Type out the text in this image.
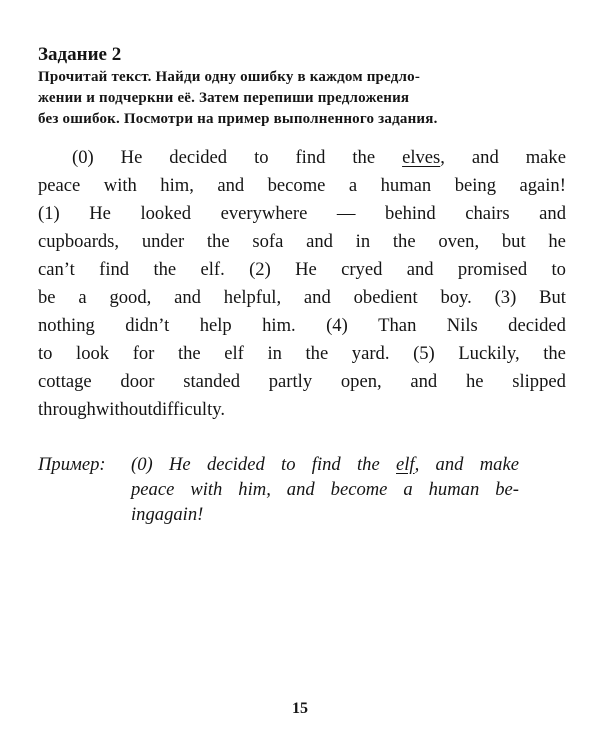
Задание 2

Прочитай текст. Найди одну ошибку в каждом предло-
жении и подчеркни её. Затем перепиши предложения
без ошибок. Посмотри на пример выполненного задания.

(0) He decided to find the elves, and make
peace with him, and become a human being again!
(1) He looked everywhere — behind chairs and
cupboards, under the sofa and in the oven, but he
can’t find the elf. (2) He cryed and promised to
be a good, and helpful, and obedient boy. (3) But
nothing didn’t help him. (4) Than Nils decided
to look for the elf in the yard. (5) Luckily, the
cottage door standed partly open, and he slipped
through without difficulty.

Пример: (0) He decided to find the elf, and make
peace with him, and become a human be-
ing again!

15
